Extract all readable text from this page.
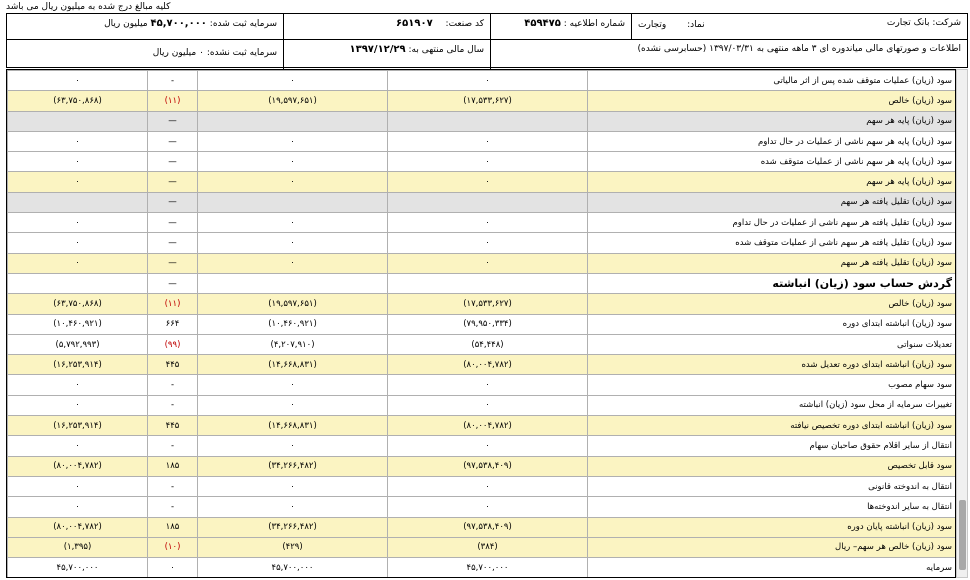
کلیه مبالغ درج شده به میلیون ریال می باشد
شرکت: بانک تجارت
نماد: وتجارت
شماره اطلاعیه : ۴۵۹۴۷۵
کد صنعت: ۶۵۱۹۰۷
سرمایه ثبت شده: ۴۵,۷۰۰,۰۰۰ میلیون ریال
اطلاعات و صورتهای مالی میاندوره ای ۳ ماهه منتهی به ۱۳۹۷/۰۳/۳۱ (حسابرسی نشده)
سال مالی منتهی به: ۱۳۹۷/۱۲/۲۹
سرمایه ثبت نشده: ۰ میلیون ریال
سود (زیان) عملیات متوقف شده پس از اثر مالیاتی	۰	۰	-	۰
سود (زیان) خالص	(۱۷,۵۳۳,۶۲۷)	(۱۹,۵۹۷,۶۵۱)	(۱۱)	(۶۳,۷۵۰,۸۶۸)
سود (زیان) پایه هر سهم			—	
سود (زیان) پایه هر سهم ناشی از عملیات در حال تداوم	۰	۰	—	۰
سود (زیان) پایه هر سهم ناشی از عملیات متوقف شده	۰	۰	—	۰
سود (زیان) پایه هر سهم	۰	۰	—	۰
سود (زیان) تقلیل یافته هر سهم			—	
سود (زیان) تقلیل یافته هر سهم ناشی از عملیات در حال تداوم	۰	۰	—	۰
سود (زیان) تقلیل یافته هر سهم ناشی از عملیات متوقف شده	۰	۰	—	۰
سود (زیان) تقلیل یافته هر سهم	۰	۰	—	۰
گردش حساب سود (زیان) انباشته			—	
سود (زیان) خالص	(۱۷,۵۳۳,۶۲۷)	(۱۹,۵۹۷,۶۵۱)	(۱۱)	(۶۳,۷۵۰,۸۶۸)
سود (زیان) انباشته ابتدای دوره	(۷۹,۹۵۰,۳۳۴)	(۱۰,۴۶۰,۹۲۱)	۶۶۴	(۱۰,۴۶۰,۹۲۱)
تعدیلات سنواتی	(۵۴,۴۴۸)	(۴,۲۰۷,۹۱۰)	(۹۹)	(۵,۷۹۲,۹۹۳)
سود (زیان) انباشته ابتدای دوره تعدیل شده	(۸۰,۰۰۴,۷۸۲)	(۱۴,۶۶۸,۸۳۱)	۴۴۵	(۱۶,۲۵۳,۹۱۴)
سود سهام مصوب	۰	۰	-	۰
تغییرات سرمایه از محل سود (زیان) انباشته	۰	۰	-	۰
سود (زیان) انباشته ابتدای دوره تخصیص نیافته	(۸۰,۰۰۴,۷۸۲)	(۱۴,۶۶۸,۸۳۱)	۴۴۵	(۱۶,۲۵۳,۹۱۴)
انتقال از سایر اقلام حقوق صاحبان سهام	۰	۰	-	۰
سود قابل تخصیص	(۹۷,۵۳۸,۴۰۹)	(۳۴,۲۶۶,۴۸۲)	۱۸۵	(۸۰,۰۰۴,۷۸۲)
انتقال به اندوخته قانونی	۰	۰	-	۰
انتقال به سایر اندوخته‌ها	۰	۰	-	۰
سود (زیان) انباشته پایان دوره	(۹۷,۵۳۸,۴۰۹)	(۳۴,۲۶۶,۴۸۲)	۱۸۵	(۸۰,۰۰۴,۷۸۲)
سود (زیان) خالص هر سهم– ریال	(۳۸۴)	(۴۲۹)	(۱۰)	(۱,۳۹۵)
سرمایه	۴۵,۷۰۰,۰۰۰	۴۵,۷۰۰,۰۰۰	۰	۴۵,۷۰۰,۰۰۰
